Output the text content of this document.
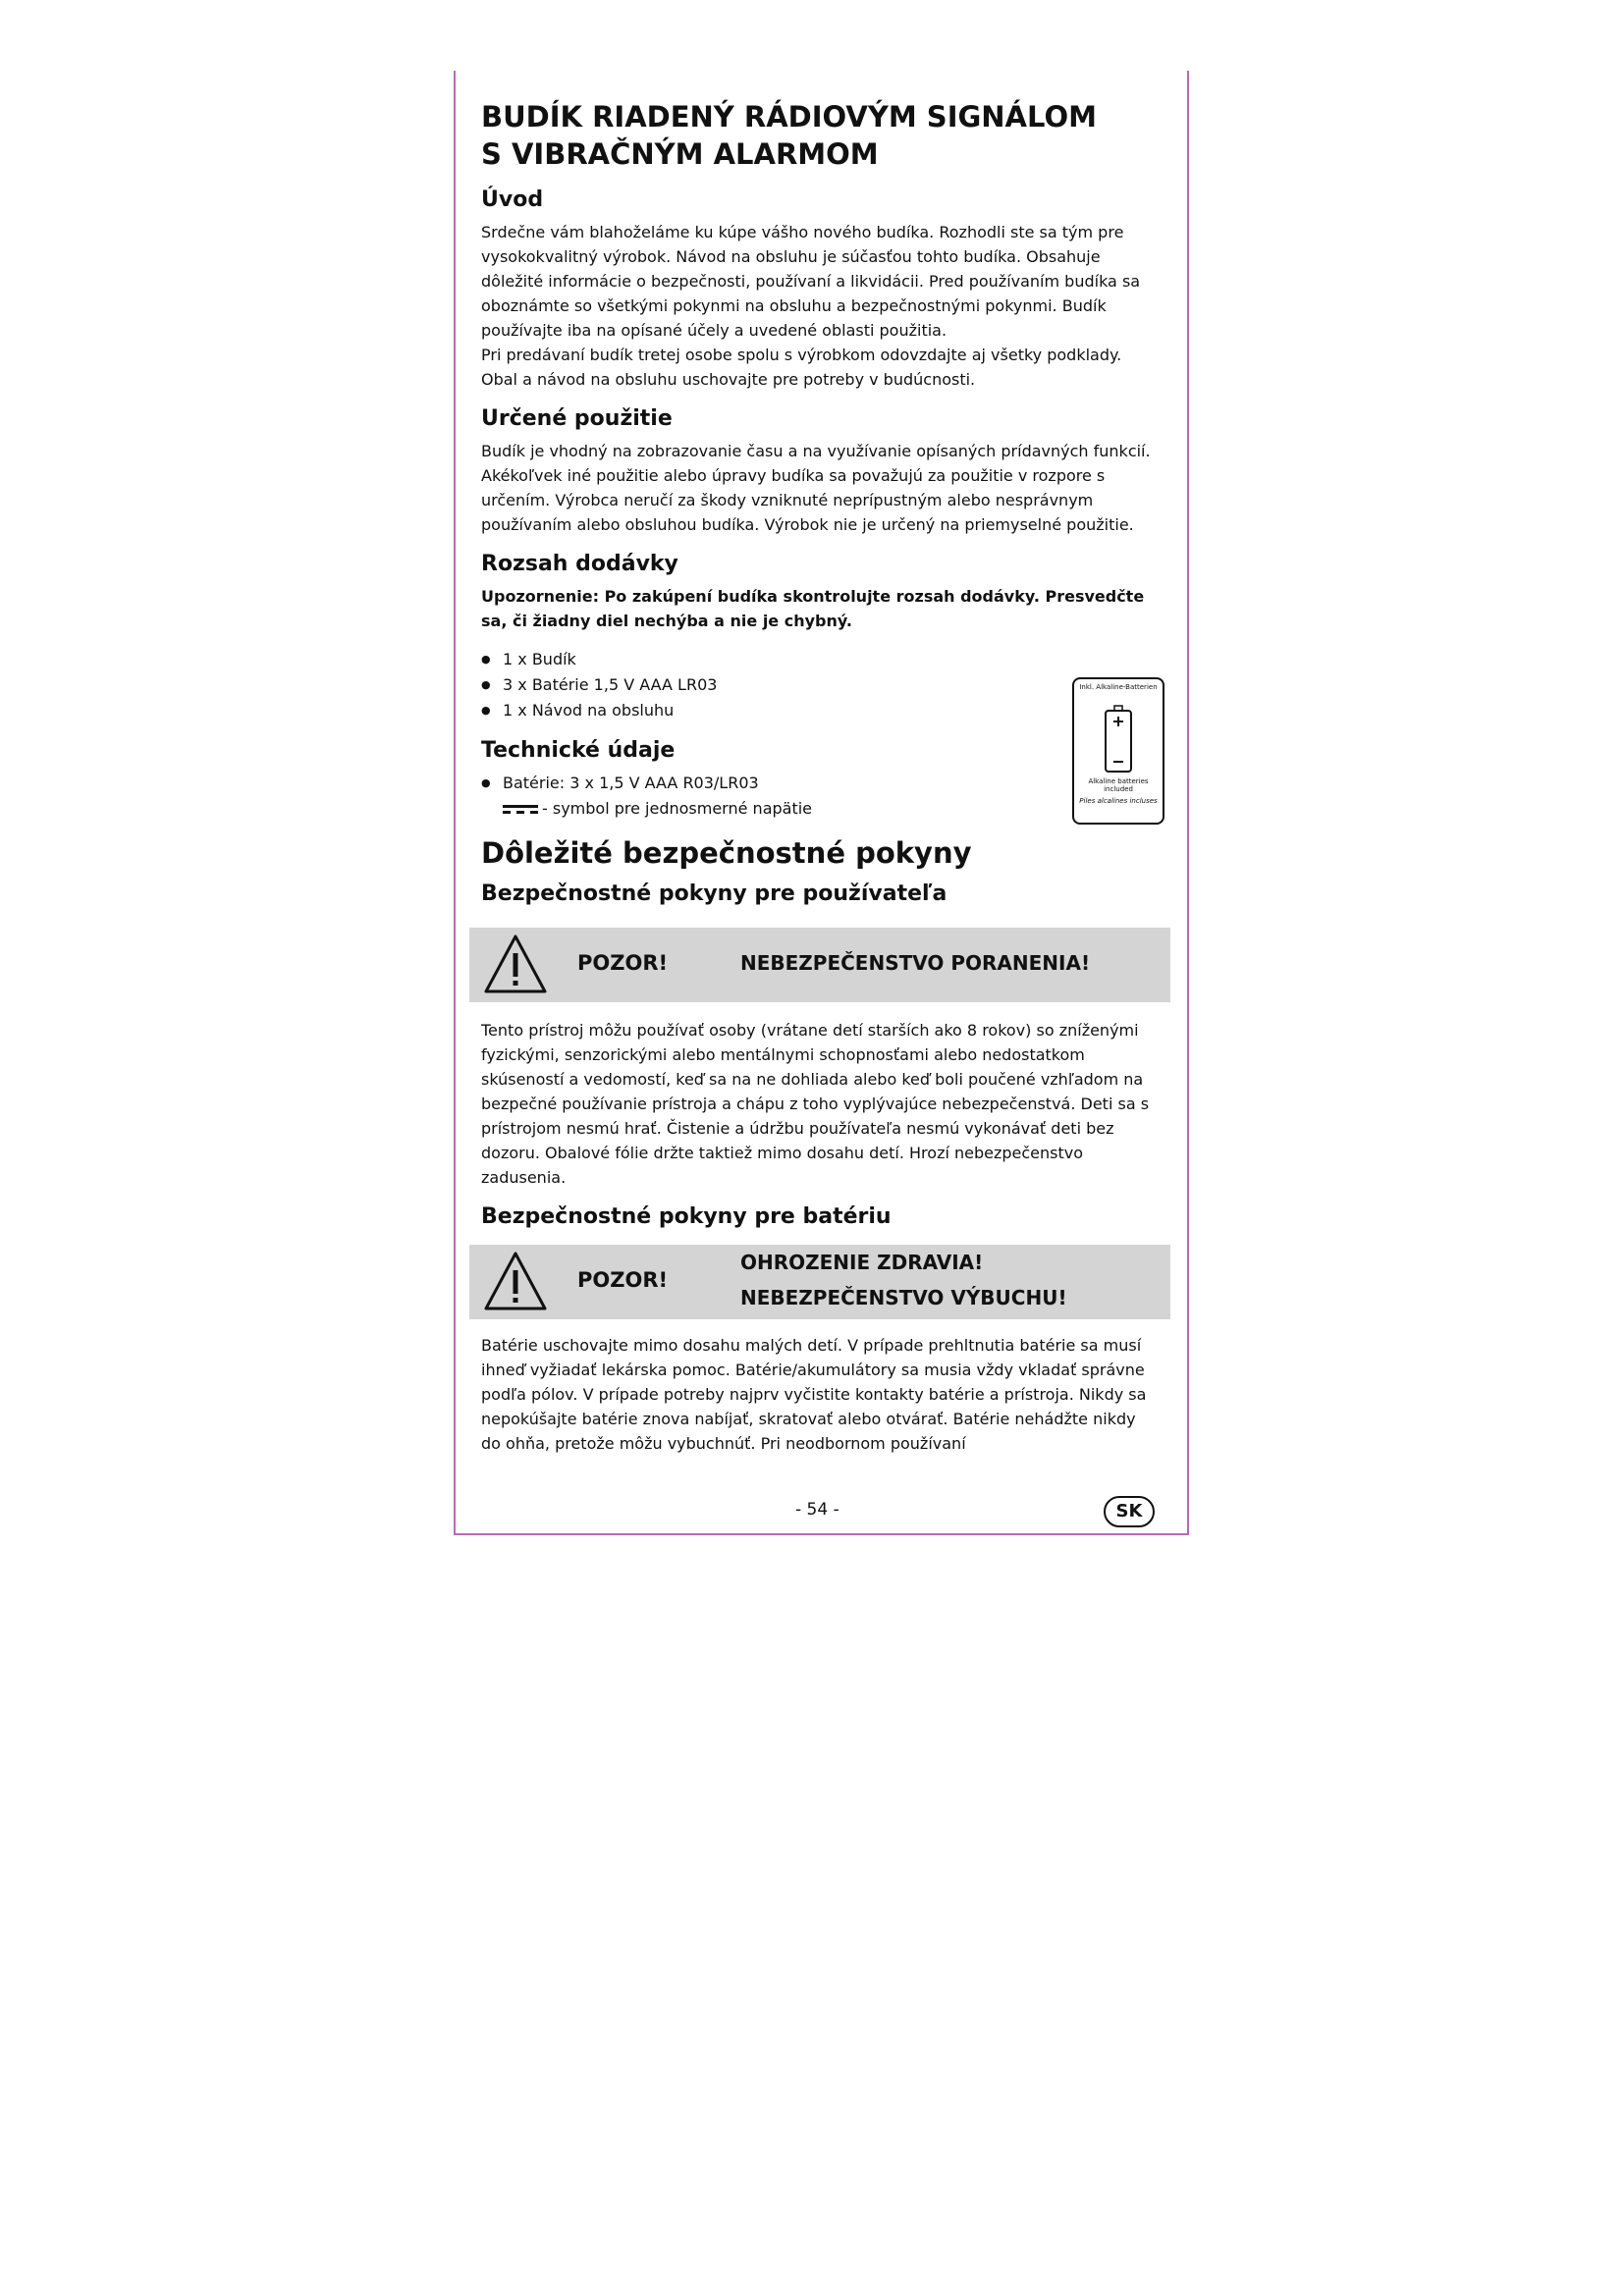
BUDÍK RIADENÝ RÁDIOVÝM SIGNÁLOM
S VIBRAČNÝM ALARMOM
Úvod

Srdečne vám blahoželáme ku kúpe vášho nového budíka. Rozhodli ste sa tým pre vysokokvalitný výrobok. Návod na obsluhu je súčasťou tohto budíka. Obsahuje dôležité informácie o bezpečnosti, používaní a likvidácii. Pred používaním budíka sa oboznámte so všetkými pokynmi na obsluhu a bezpečnostnými pokynmi. Budík používajte iba na opísané účely a uvedené oblasti použitia.

Pri predávaní budík tretej osobe spolu s výrobkom odovzdajte aj všetky podklady. Obal a návod na obsluhu uschovajte pre potreby v budúcnosti.

Určené použitie

Budík je vhodný na zobrazovanie času a na využívanie opísaných prídavných funkcií. Akékoľvek iné použitie alebo úpravy budíka sa považujú za použitie v rozpore s určením. Výrobca neručí za škody vzniknuté neprípustným alebo nesprávnym používaním alebo obsluhou budíka. Výrobok nie je určený na priemyselné použitie.

Rozsah dodávky

Upozornenie: Po zakúpení budíka skontrolujte rozsah dodávky. Presvedčte sa, či žiadny diel nechýba a nie je chybný.

● 1 x Budík
● 3 x Batérie 1,5 V AAA LR03
● 1 x Návod na obsluhu
Technické údaje
● Batérie: 3 x 1,5 V AAA R03/LR03
- symbol pre jednosmerné napätie
Dôležité bezpečnostné pokyny
Bezpečnostné pokyny pre používateľa
POZOR!	NEBEZPEČENSTVO PORANENIA!

Tento prístroj môžu používať osoby (vrátane detí starších ako 8 rokov) so zníženými fyzickými, senzorickými alebo mentálnymi schopnosťami alebo nedostatkom skúseností a vedomostí, keď sa na ne dohliada alebo keď boli poučené vzhľadom na bezpečné používanie prístroja a chápu z toho vyplývajúce nebezpečenstvá. Deti sa s prístrojom nesmú hrať. Čistenie a údržbu používateľa nesmú vykonávať deti bez dozoru. Obalové fólie držte taktiež mimo dosahu detí. Hrozí nebezpečenstvo zadusenia.

Bezpečnostné pokyny pre batériu
POZOR!
OHROZENIE ZDRAVIA!
NEBEZPEČENSTVO VÝBUCHU!

Batérie uschovajte mimo dosahu malých detí. V prípade prehltnutia batérie sa musí ihneď vyžiadať lekárska pomoc. Batérie/akumulátory sa musia vždy vkladať správne podľa pólov. V prípade potreby najprv vyčistite kontakty batérie a prístroja. Nikdy sa nepokúšajte batérie znova nabíjať, skratovať alebo otvárať. Batérie nehádžte nikdy do ohňa, pretože môžu vybuchnúť. Pri neodbornom používaní

Inkl. Alkaline-Batterien
Alkaline batteries included
Piles alcalines incluses
- 54 -	SK
